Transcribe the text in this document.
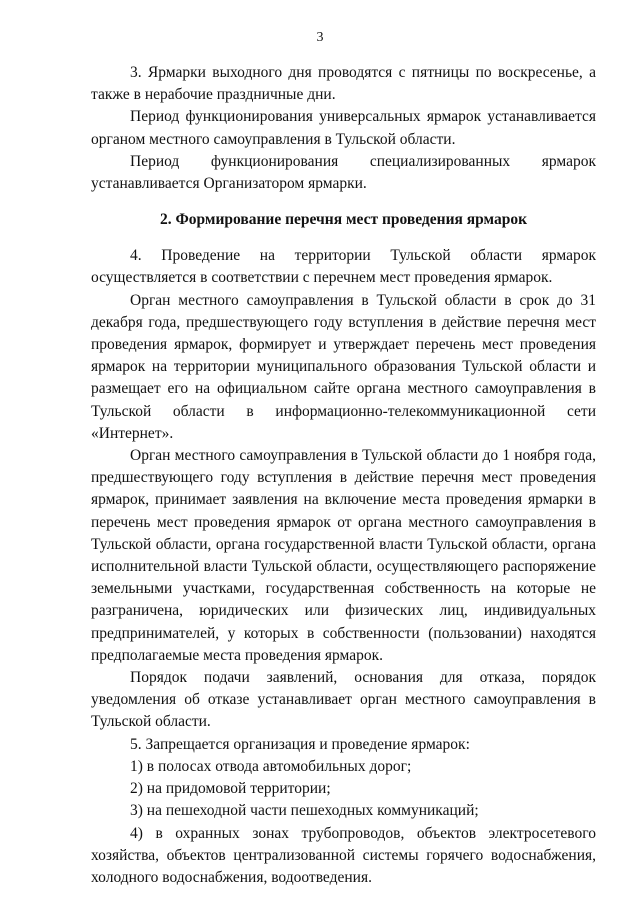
3

3. Ярмарки выходного дня проводятся с пятницы по воскресенье, а также в нерабочие праздничные дни.

Период функционирования универсальных ярмарок устанавливается органом местного самоуправления в Тульской области.

Период функционирования специализированных ярмарок устанавливается Организатором ярмарки.

2. Формирование перечня мест проведения ярмарок

4. Проведение на территории Тульской области ярмарок осуществляется в соответствии с перечнем мест проведения ярмарок.

Орган местного самоуправления в Тульской области в срок до 31 декабря года, предшествующего году вступления в действие перечня мест проведения ярмарок, формирует и утверждает перечень мест проведения ярмарок на территории муниципального образования Тульской области и размещает его на официальном сайте органа местного самоуправления в Тульской области в информационно-телекоммуникационной сети «Интернет».

Орган местного самоуправления в Тульской области до 1 ноября года, предшествующего году вступления в действие перечня мест проведения ярмарок, принимает заявления на включение места проведения ярмарки в перечень мест проведения ярмарок от органа местного самоуправления в Тульской области, органа государственной власти Тульской области, органа исполнительной власти Тульской области, осуществляющего распоряжение земельными участками, государственная собственность на которые не разграничена, юридических или физических лиц, индивидуальных предпринимателей, у которых в собственности (пользовании) находятся предполагаемые места проведения ярмарок.

Порядок подачи заявлений, основания для отказа, порядок уведомления об отказе устанавливает орган местного самоуправления в Тульской области.

5. Запрещается организация и проведение ярмарок:

1) в полосах отвода автомобильных дорог;

2) на придомовой территории;

3) на пешеходной части пешеходных коммуникаций;

4) в охранных зонах трубопроводов, объектов электросетевого хозяйства, объектов централизованной системы горячего водоснабжения, холодного водоснабжения, водоотведения.
